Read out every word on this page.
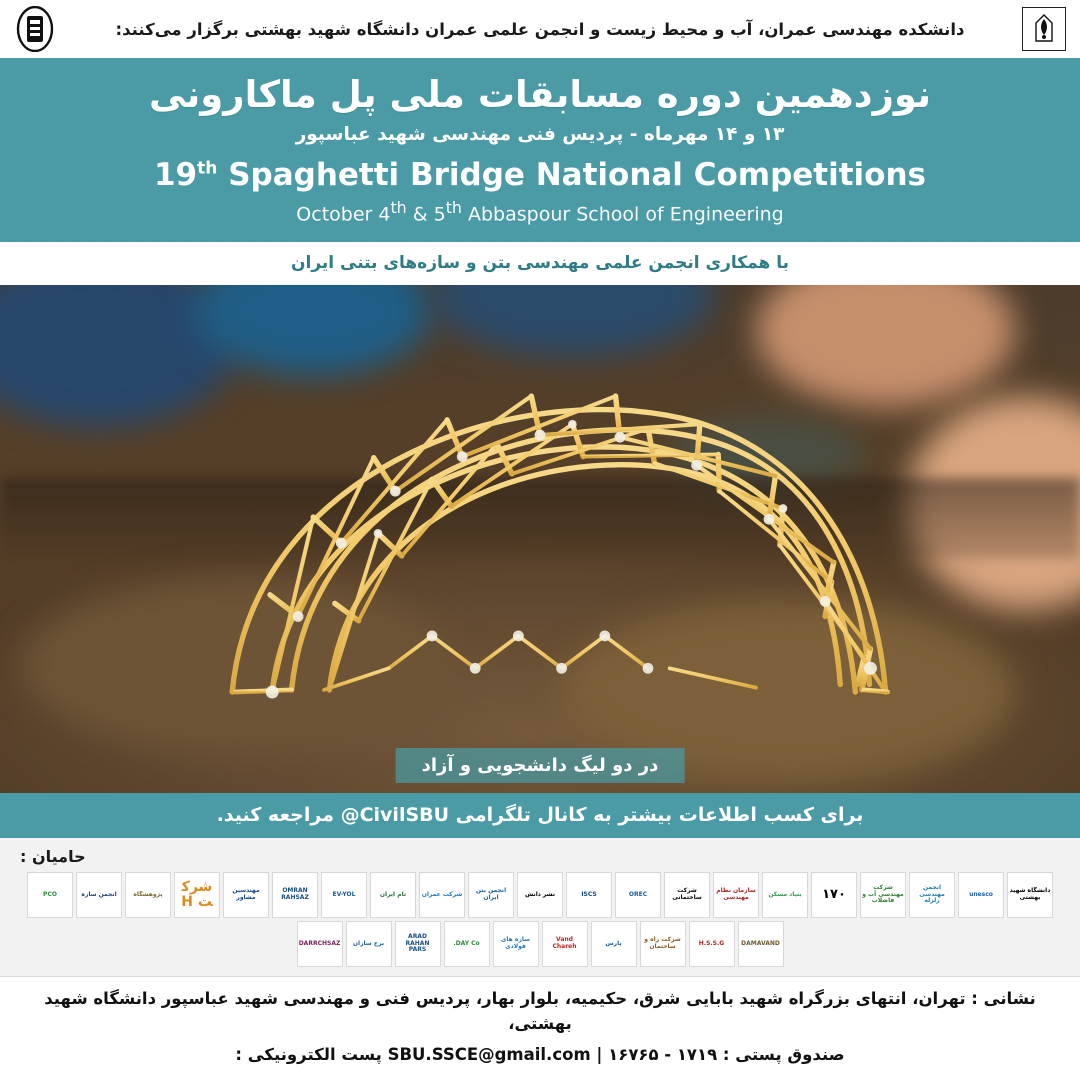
دانشکده مهندسی عمران، آب و محیط زیست و انجمن علمی عمران دانشگاه شهید بهشتی برگزار می‌کنند:
نوزدهمین دوره مسابقات ملی پل ماکارونی
۱۳ و ۱۴ مهرماه - پردیس فنی مهندسی شهید عباسپور
19th Spaghetti Bridge National Competitions
October 4th & 5th Abbaspour School of Engineering
با همکاری انجمن علمی مهندسی بتن و سازه‌های بتنی ایران
در دو لیگ دانشجویی و آزاد
برای کسب اطلاعات بیشتر به کانال تلگرامی @CivilSBU مراجعه کنید.
حامیان :
دانشگاه شهید بهشتی
unesco
انجمن مهندسی زلزله
شرکت مهندسی آب و فاضلاب
۱۷۰
بنیاد مسکن
سازمان نظام مهندسی
شرکت ساختمانی
OREC
ISCS
نشر دانش
انجمن بتن ایران
شرکت عمران
تام ایران
EV-YOL
OMRAN RAHSAZ
مهندسین مشاور
شرکت H
پژوهشگاه
انجمن سازه
PCO
DAMAVAND
H.S.S.G
شرکت راه و ساختمان
پارس
Vand Chareh
سازه های فولادی
DAY Co.
ARAD RAHAN PARS
برج سازان
DARRCHSAZ
نشانی : تهران، انتهای بزرگراه شهید بابایی شرق، حکیمیه، بلوار بهار، پردیس فنی و مهندسی شهید عباسپور دانشگاه شهید بهشتی،
صندوق پستی : ۱۶۷۶۵ - ۱۷۱۹ | SBU.SSCE@gmail.com پست الکترونیکی :
